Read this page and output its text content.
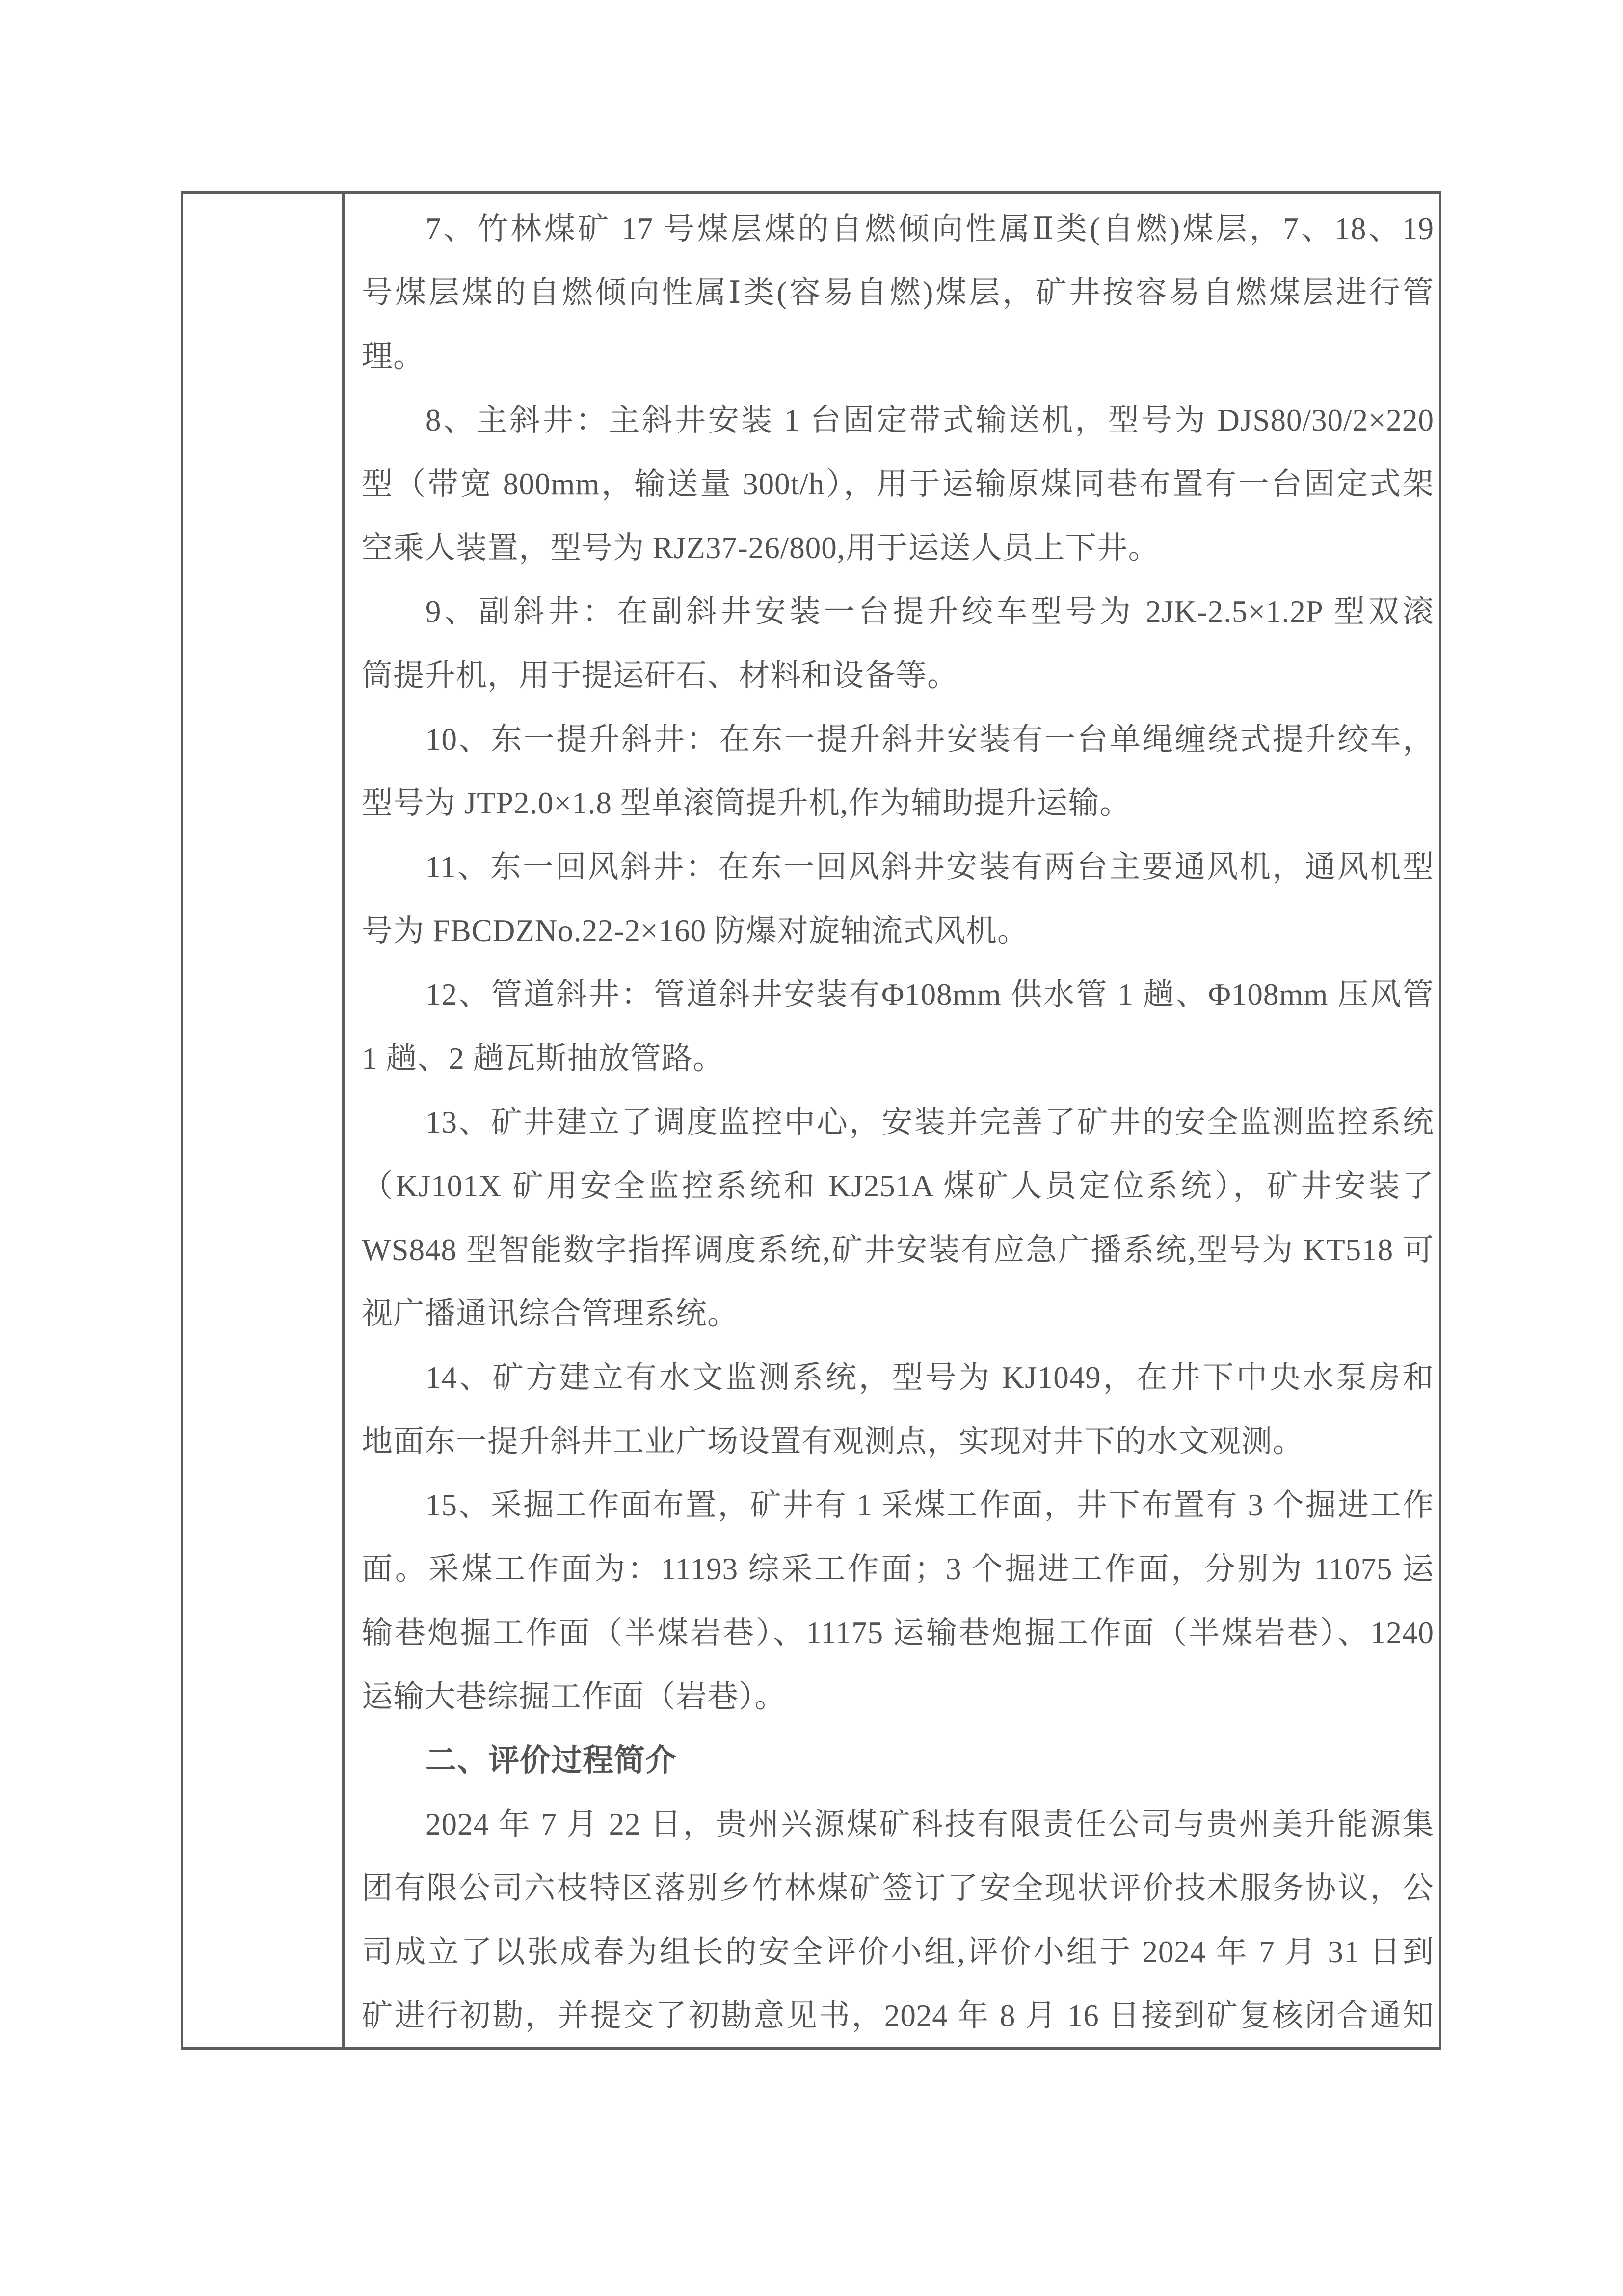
7、竹林煤矿 17 号煤层煤的自燃倾向性属Ⅱ类(自燃)煤层，7、18、19
号煤层煤的自燃倾向性属Ⅰ类(容易自燃)煤层，矿井按容易自燃煤层进行管
理。
8、主斜井：主斜井安装 1 台固定带式输送机，型号为 DJS80/30/2×220
型（带宽 800mm，输送量 300t/h），用于运输原煤同巷布置有一台固定式架
空乘人装置，型号为 RJZ37-26/800,用于运送人员上下井。
9、副斜井：在副斜井安装一台提升绞车型号为 2JK-2.5×1.2P 型双滚
筒提升机，用于提运矸石、材料和设备等。
10、东一提升斜井：在东一提升斜井安装有一台单绳缠绕式提升绞车，
型号为 JTP2.0×1.8 型单滚筒提升机,作为辅助提升运输。
11、东一回风斜井：在东一回风斜井安装有两台主要通风机，通风机型
号为 FBCDZNo.22-2×160 防爆对旋轴流式风机。
12、管道斜井：管道斜井安装有Φ108mm 供水管 1 趟、Φ108mm 压风管
1 趟、2 趟瓦斯抽放管路。
13、矿井建立了调度监控中心，安装并完善了矿井的安全监测监控系统
（KJ101X 矿用安全监控系统和 KJ251A 煤矿人员定位系统），矿井安装了
WS848 型智能数字指挥调度系统,矿井安装有应急广播系统,型号为 KT518 可
视广播通讯综合管理系统。
14、矿方建立有水文监测系统，型号为 KJ1049，在井下中央水泵房和
地面东一提升斜井工业广场设置有观测点，实现对井下的水文观测。
15、采掘工作面布置，矿井有 1 采煤工作面，井下布置有 3 个掘进工作
面。采煤工作面为：11193 综采工作面；3 个掘进工作面，分别为 11075 运
输巷炮掘工作面（半煤岩巷）、11175 运输巷炮掘工作面（半煤岩巷）、1240
运输大巷综掘工作面（岩巷）。
二、评价过程简介
2024 年 7 月 22 日，贵州兴源煤矿科技有限责任公司与贵州美升能源集
团有限公司六枝特区落别乡竹林煤矿签订了安全现状评价技术服务协议，公
司成立了以张成春为组长的安全评价小组,评价小组于 2024 年 7 月 31 日到
矿进行初勘，并提交了初勘意见书，2024 年 8 月 16 日接到矿复核闭合通知
